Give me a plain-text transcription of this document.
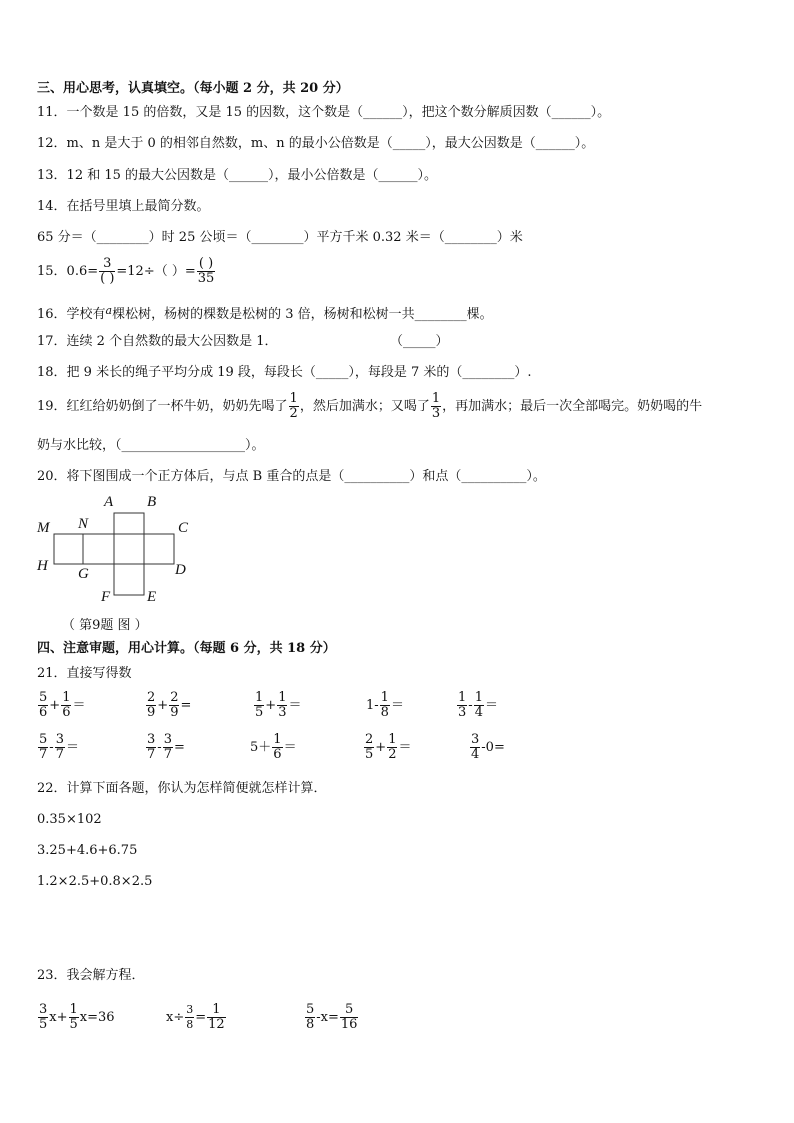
三、用心思考，认真填空。（每小题 2 分，共 20 分）
11．一个数是 15 的倍数，又是 15 的因数，这个数是（______），把这个数分解质因数（______）。
12．m、n 是大于 0 的相邻自然数，m、n 的最小公倍数是（_____），最大公因数是（______）。
13．12 和 15 的最大公因数是（______），最小公倍数是（______）。
14．在括号里填上最简分数。
65 分＝（________）时 25 公顷＝（________）平方千米 0.32 米＝（________）米
15．$0.6= \frac{3}{( )} =12\div$（ ）= $\frac{( )}{35}$
16．学校有$^a$棵松树，杨树的棵数是松树的 3 倍，杨树和松树一共________棵。
17．连续 2 个自然数的最大公因数是 1．	（_____）
18．把 9 米长的绳子平均分成 19 段，每段长（_____），每段是 7 米的（________）.
19．红红给奶奶倒了一杯牛奶，奶奶先喝了 $\frac{1}{2}$ ，然后加满水；又喝了 $\frac{1}{3}$ ，再加满水；最后一次全部喝完。奶奶喝的牛
奶与水比较，（___________________）。
20．将下图围成一个正方体后，与点 B 重合的点是（__________）和点（__________）。
A B
M N	C
H G	D
F E
（ 第9题 图 ）
四、注意审题，用心计算。（每题 6 分，共 18 分）
21．直接写得数
$\frac{5}{6} + \frac{1}{6}$ ＝	$\frac{2}{9} + \frac{2}{9}$ =	$\frac{1}{5} + \frac{1}{3}$ ＝	$1- \frac{1}{8}$ ＝	$\frac{1}{3} - \frac{1}{4}$ ＝
$\frac{5}{7} - \frac{3}{7}$ ＝	$\frac{3}{7} - \frac{3}{7}$ =	$5+ \frac{1}{6}$ ＝	$\frac{2}{5} + \frac{1}{2}$ ＝	$\frac{3}{4} -0=$
22．计算下面各题，你认为怎样简便就怎样计算．
0.35×102
3.25+4.6+6.75
1.2×2.5+0.8×2.5
23．我会解方程．
$\frac{3}{5} x+ \frac{1}{5} x=36$	$x\div \frac{3}{8} = \frac{1}{12}$	$\frac{5}{8} -x= \frac{5}{16}$
